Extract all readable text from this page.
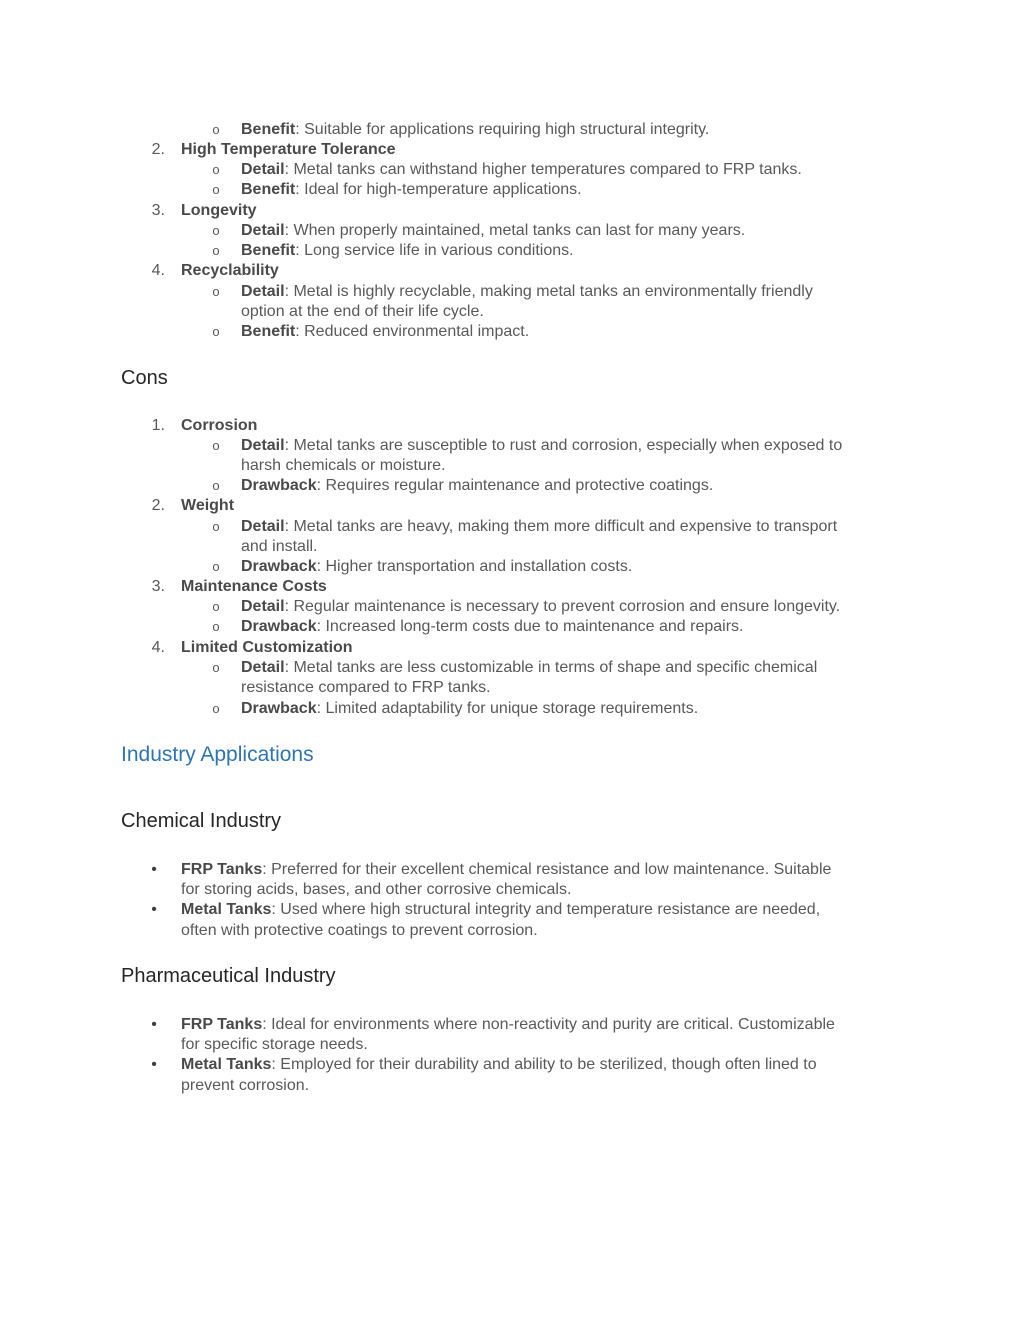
o Benefit: Suitable for applications requiring high structural integrity.
2. High Temperature Tolerance
o Detail: Metal tanks can withstand higher temperatures compared to FRP tanks.
o Benefit: Ideal for high-temperature applications.
3. Longevity
o Detail: When properly maintained, metal tanks can last for many years.
o Benefit: Long service life in various conditions.
4. Recyclability
o Detail: Metal is highly recyclable, making metal tanks an environmentally friendly
option at the end of their life cycle.
o Benefit: Reduced environmental impact.
Cons
1. Corrosion
o Detail: Metal tanks are susceptible to rust and corrosion, especially when exposed to
harsh chemicals or moisture.
o Drawback: Requires regular maintenance and protective coatings.
2. Weight
o Detail: Metal tanks are heavy, making them more difficult and expensive to transport
and install.
o Drawback: Higher transportation and installation costs.
3. Maintenance Costs
o Detail: Regular maintenance is necessary to prevent corrosion and ensure longevity.
o Drawback: Increased long-term costs due to maintenance and repairs.
4. Limited Customization
o Detail: Metal tanks are less customizable in terms of shape and specific chemical
resistance compared to FRP tanks.
o Drawback: Limited adaptability for unique storage requirements.
Industry Applications
Chemical Industry
• FRP Tanks: Preferred for their excellent chemical resistance and low maintenance. Suitable
for storing acids, bases, and other corrosive chemicals.
• Metal Tanks: Used where high structural integrity and temperature resistance are needed,
often with protective coatings to prevent corrosion.
Pharmaceutical Industry
• FRP Tanks: Ideal for environments where non-reactivity and purity are critical. Customizable
for specific storage needs.
• Metal Tanks: Employed for their durability and ability to be sterilized, though often lined to
prevent corrosion.
